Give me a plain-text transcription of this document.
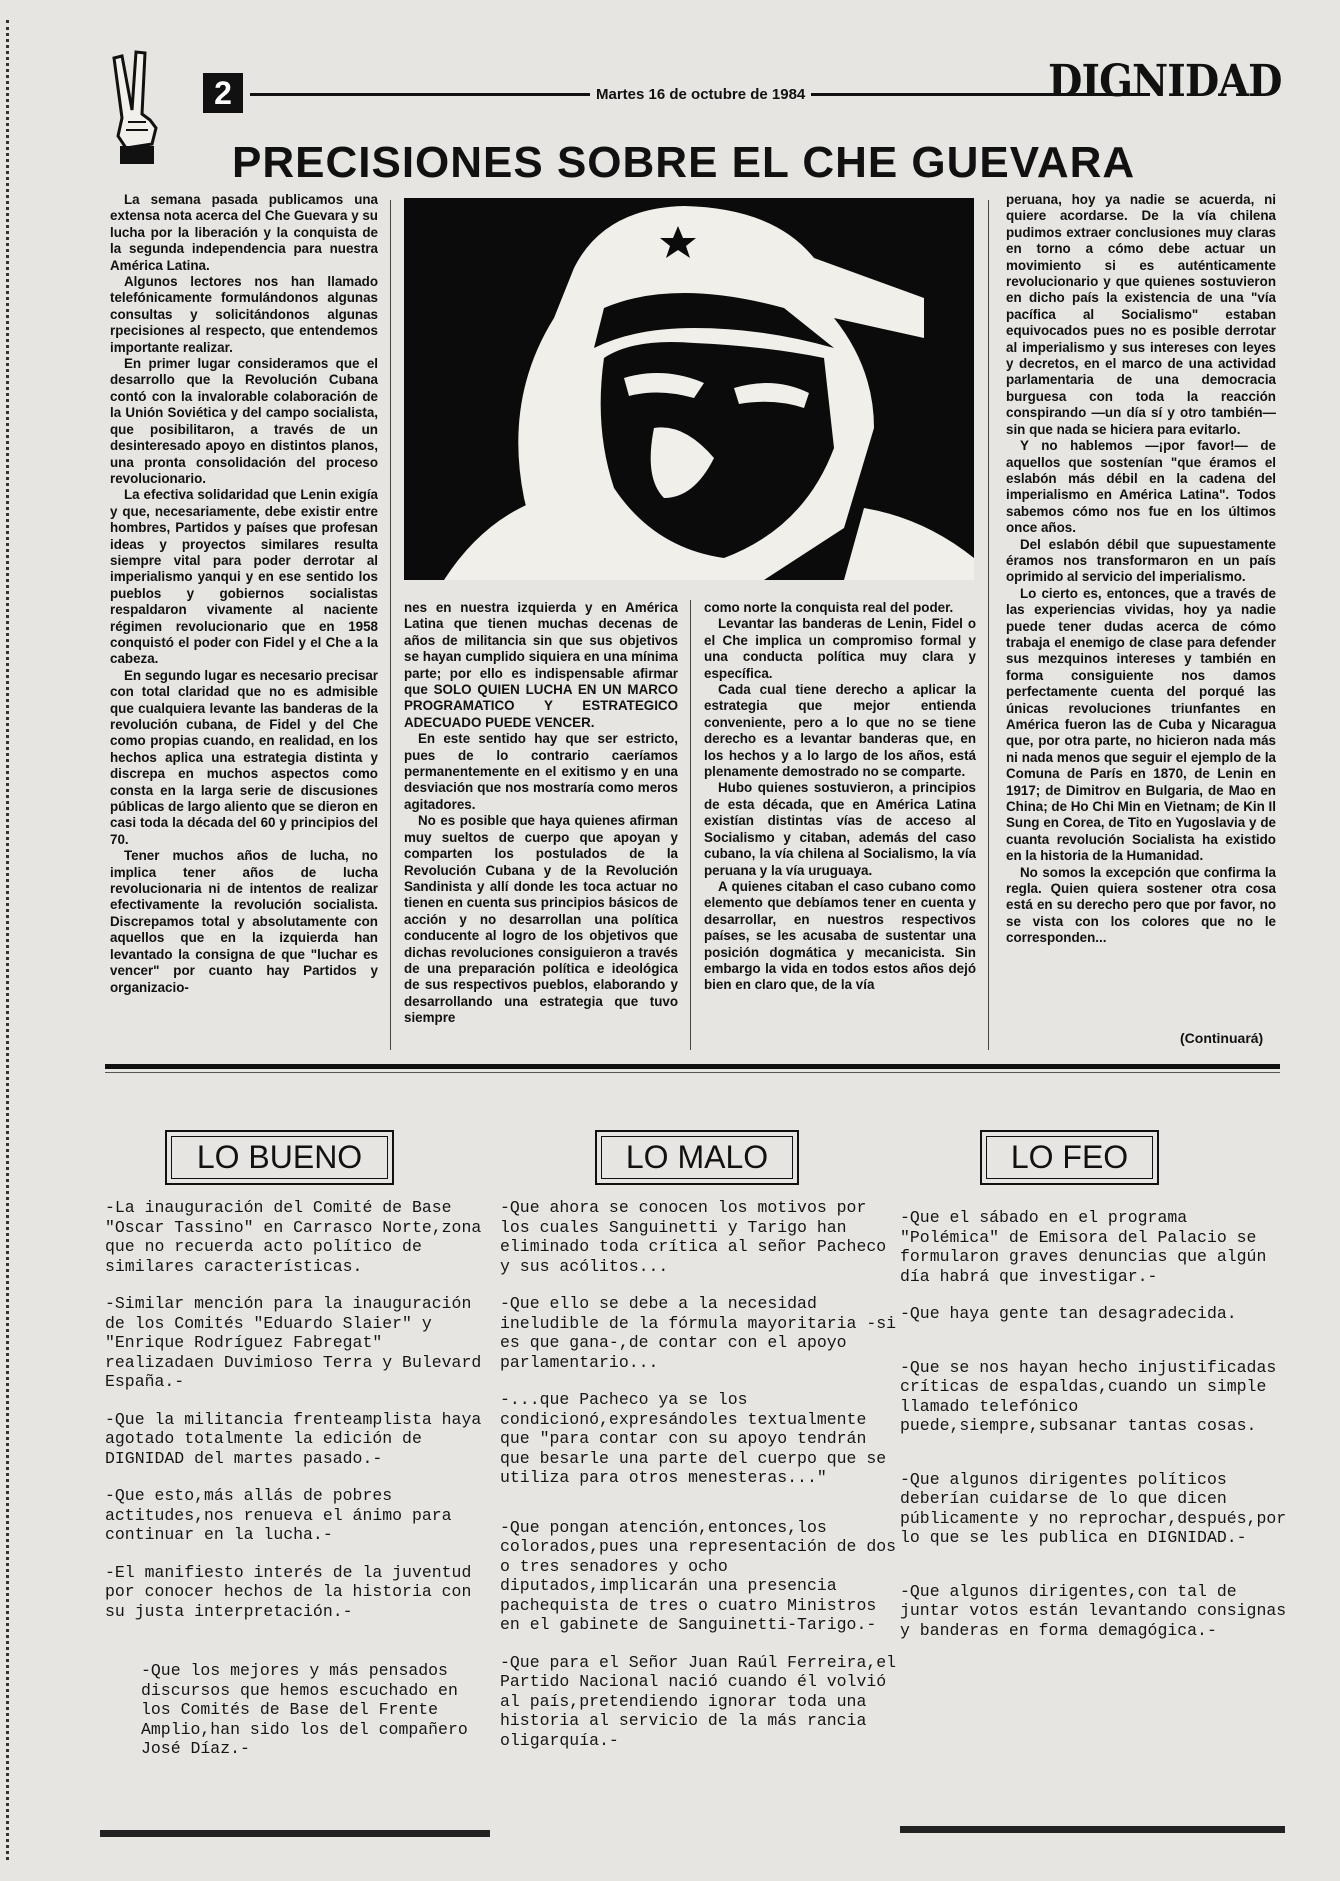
2	Martes 16 de octubre de 1984	DIGNIDAD
PRECISIONES SOBRE EL CHE GUEVARA

La semana pasada publicamos una extensa nota acerca del Che Guevara y su lucha por la liberación y la conquista de la segunda independencia para nuestra América Latina.

Algunos lectores nos han llamado telefónicamente formulándonos algunas consultas y solicitándonos algunas rpecisiones al respecto, que entendemos importante realizar.

En primer lugar consideramos que el desarrollo que la Revolución Cubana contó con la invalorable colaboración de la Unión Soviética y del campo socialista, que posibilitaron, a través de un desinteresado apoyo en distintos planos, una pronta consolidación del proceso revolucionario.

La efectiva solidaridad que Lenin exigía y que, necesariamente, debe existir entre hombres, Partidos y países que profesan ideas y proyectos similares resulta siempre vital para poder derrotar al imperialismo yanqui y en ese sentido los pueblos y gobiernos socialistas respaldaron vivamente al naciente régimen revolucionario que en 1958 conquistó el poder con Fidel y el Che a la cabeza.

En segundo lugar es necesario precisar con total claridad que no es admisible que cualquiera levante las banderas de la revolución cubana, de Fidel y del Che como propias cuando, en realidad, en los hechos aplica una estrategia distinta y discrepa en muchos aspectos como consta en la larga serie de discusiones públicas de largo aliento que se dieron en casi toda la década del 60 y principios del 70.

Tener muchos años de lucha, no implica tener años de lucha revolucionaria ni de intentos de realizar efectivamente la revolución socialista. Discrepamos total y absolutamente con aquellos que en la izquierda han levantado la consigna de que "luchar es vencer" por cuanto hay Partidos y organizacio-

nes en nuestra izquierda y en América Latina que tienen muchas decenas de años de militancia sin que sus objetivos se hayan cumplido siquiera en una mínima parte; por ello es indispensable afirmar que SOLO QUIEN LUCHA EN UN MARCO PROGRAMATICO Y ESTRATEGICO ADECUADO PUEDE VENCER.

En este sentido hay que ser estricto, pues de lo contrario caeríamos permanentemente en el exitismo y en una desviación que nos mostraría como meros agitadores.

No es posible que haya quienes afirman muy sueltos de cuerpo que apoyan y comparten los postulados de la Revolución Cubana y de la Revolución Sandinista y allí donde les toca actuar no tienen en cuenta sus principios básicos de acción y no desarrollan una política conducente al logro de los objetivos que dichas revoluciones consiguieron a través de una preparación política e ideológica de sus respectivos pueblos, elaborando y desarrollando una estrategia que tuvo siempre

como norte la conquista real del poder.

Levantar las banderas de Lenin, Fidel o el Che implica un compromiso formal y una conducta política muy clara y específica.

Cada cual tiene derecho a aplicar la estrategia que mejor entienda conveniente, pero a lo que no se tiene derecho es a levantar banderas que, en los hechos y a lo largo de los años, está plenamente demostrado no se comparte.

Hubo quienes sostuvieron, a principios de esta década, que en América Latina existían distintas vías de acceso al Socialismo y citaban, además del caso cubano, la vía chilena al Socialismo, la vía peruana y la vía uruguaya.

A quienes citaban el caso cubano como elemento que debíamos tener en cuenta y desarrollar, en nuestros respectivos países, se les acusaba de sustentar una posición dogmática y mecanicista. Sin embargo la vida en todos estos años dejó bien en claro que, de la vía

peruana, hoy ya nadie se acuerda, ni quiere acordarse. De la vía chilena pudimos extraer conclusiones muy claras en torno a cómo debe actuar un movimiento si es auténticamente revolucionario y que quienes sostuvieron en dicho país la existencia de una "vía pacífica al Socialismo" estaban equivocados pues no es posible derrotar al imperialismo y sus intereses con leyes y decretos, en el marco de una actividad parlamentaria de una democracia burguesa con toda la reacción conspirando —un día sí y otro también— sin que nada se hiciera para evitarlo.

Y no hablemos —¡por favor!— de aquellos que sostenían "que éramos el eslabón más débil en la cadena del imperialismo en América Latina". Todos sabemos cómo nos fue en los últimos once años.

Del eslabón débil que supuestamente éramos nos transformaron en un país oprimido al servicio del imperialismo.

Lo cierto es, entonces, que a través de las experiencias vividas, hoy ya nadie puede tener dudas acerca de cómo trabaja el enemigo de clase para defender sus mezquinos intereses y también en forma consiguiente nos damos perfectamente cuenta del porqué las únicas revoluciones triunfantes en América fueron las de Cuba y Nicaragua que, por otra parte, no hicieron nada más ni nada menos que seguir el ejemplo de la Comuna de París en 1870, de Lenin en 1917; de Dimitrov en Bulgaria, de Mao en China; de Ho Chi Min en Vietnam; de Kin Il Sung en Corea, de Tito en Yugoslavia y de cuanta revolución Socialista ha existido en la historia de la Humanidad.

No somos la excepción que confirma la regla. Quien quiera sostener otra cosa está en su derecho pero que por favor, no se vista con los colores que no le corresponden...

(Continuará)
LO BUENO	LO MALO	LO FEO

-La inauguración del Comité de Base "Oscar Tassino" en Carrasco Norte,zona que no recuerda acto político de similares características.

-Similar mención para la inauguración de los Comités "Eduardo Slaier" y "Enrique Rodríguez Fabregat" realizadaen Duvimioso Terra y Bulevard España.-

-Que la militancia frenteamplista haya agotado totalmente la edición de DIGNIDAD del martes pasado.-

-Que esto,más allás de pobres actitudes,nos renueva el ánimo para continuar en la lucha.-

-El manifiesto interés de la juventud por conocer hechos de la historia con su justa interpretación.-

-Que los mejores y más pensados discursos que hemos escuchado en los Comités de Base del Frente Amplio,han sido los del compañero José Díaz.-

-Que ahora se conocen los motivos por los cuales Sanguinetti y Tarigo han eliminado toda crítica al señor Pacheco y sus acólitos...

-Que ello se debe a la necesidad ineludible de la fórmula mayoritaria -si es que gana-,de contar con el apoyo parlamentario...

-...que Pacheco ya se los condicionó,expresándoles textualmente que "para contar con su apoyo tendrán que besarle una parte del cuerpo que se utiliza para otros menesteras..."

-Que pongan atención,entonces,los colorados,pues una representación de dos o tres senadores y ocho diputados,implicarán una presencia pachequista de tres o cuatro Ministros en el gabinete de Sanguinetti-Tarigo.-

-Que para el Señor Juan Raúl Ferreira,el Partido Nacional nació cuando él volvió al país,pretendiendo ignorar toda una historia al servicio de la más rancia oligarquía.-

-Que el sábado en el programa "Polémica" de Emisora del Palacio se formularon graves denuncias que algún día habrá que investigar.-

-Que haya gente tan desagradecida.

-Que se nos hayan hecho injustificadas críticas de espaldas,cuando un simple llamado telefónico puede,siempre,subsanar tantas cosas.

-Que algunos dirigentes políticos deberían cuidarse de lo que dicen públicamente y no reprochar,después,por lo que se les publica en DIGNIDAD.-

-Que algunos dirigentes,con tal de juntar votos están levantando consignas y banderas en forma demagógica.-
